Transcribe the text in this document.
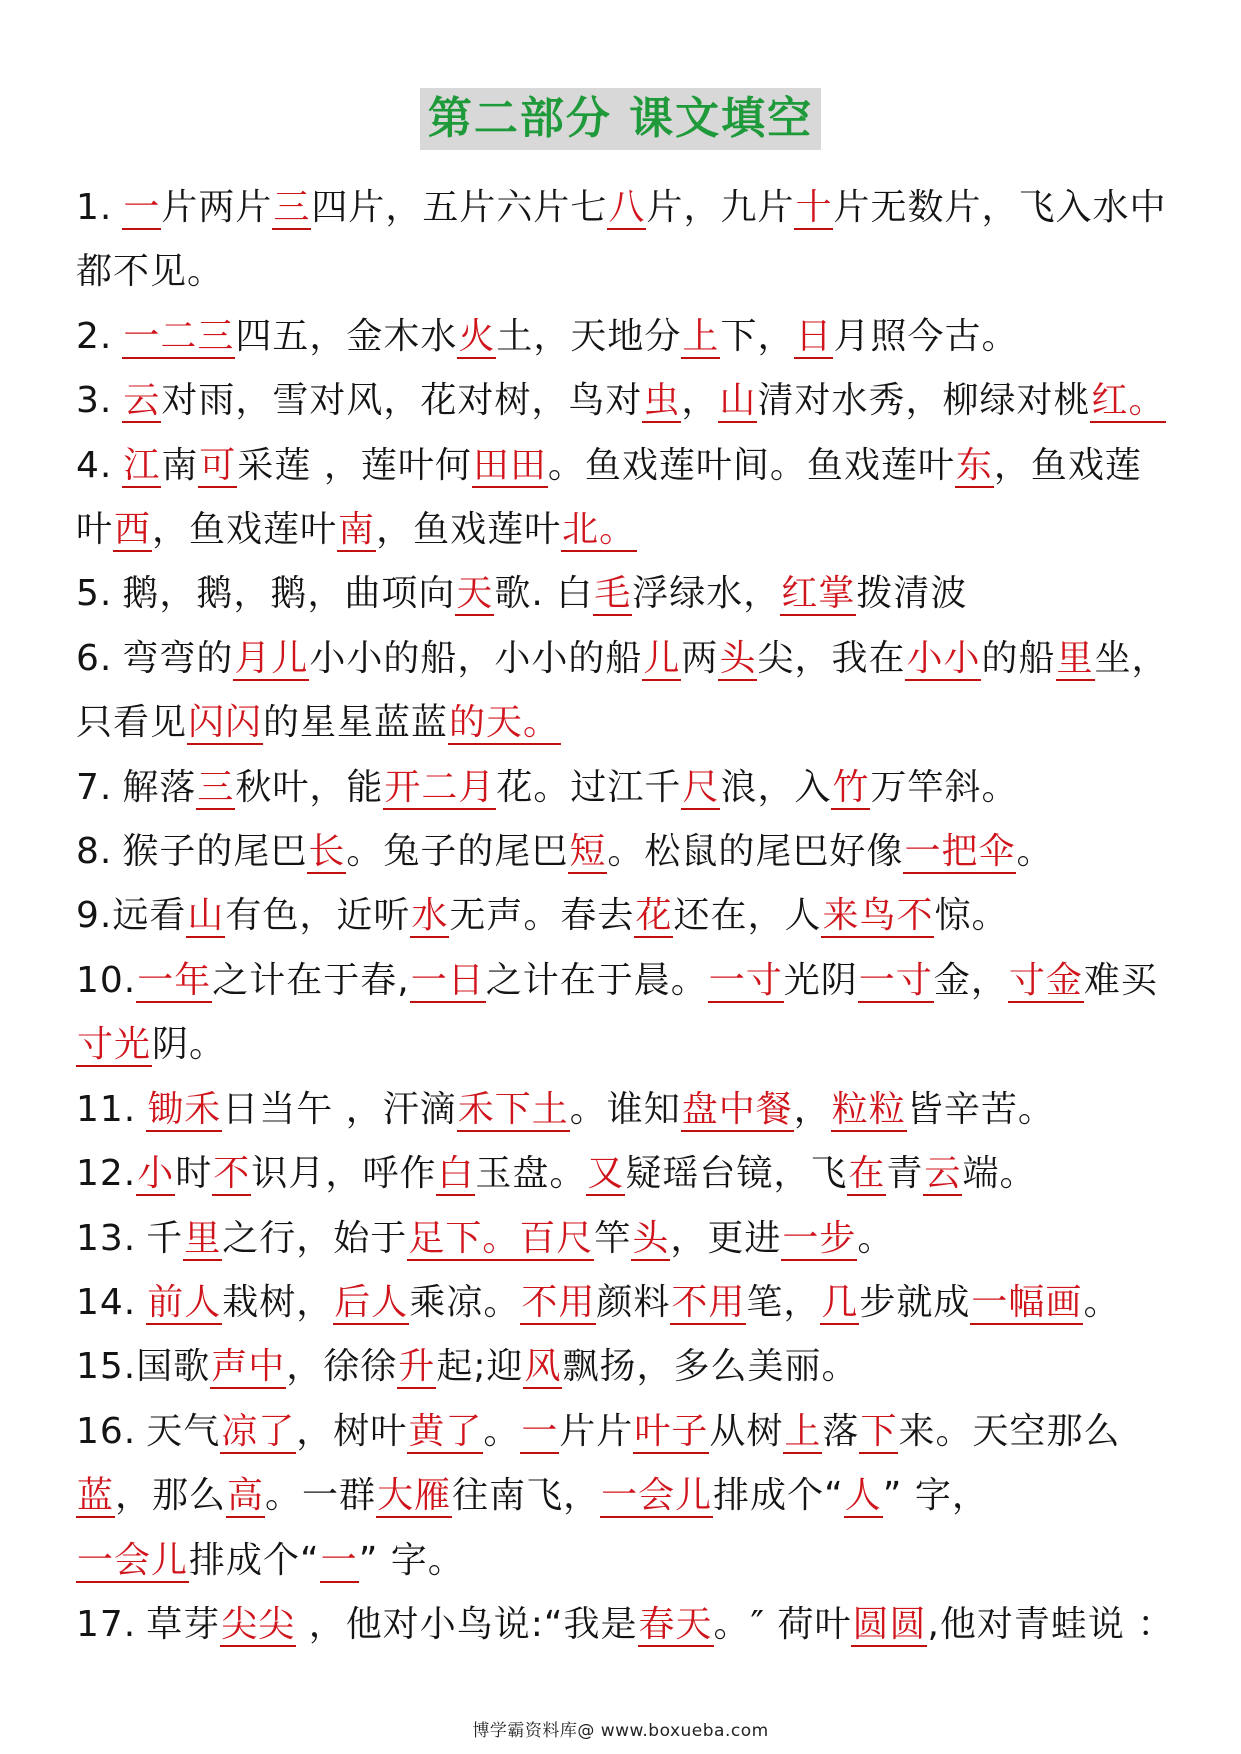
第二部分 课文填空

1. 一片两片三四片，五片六片七八片，九片十片无数片，飞入水中都不见。

2. 一二三四五，金木水火土，天地分上下，日月照今古。

3. 云对雨，雪对风，花对树，鸟对虫，山清对水秀，柳绿对桃红。

4. 江南可采莲 ，莲叶何田田。鱼戏莲叶间。鱼戏莲叶东，鱼戏莲叶西，鱼戏莲叶南，鱼戏莲叶北。

5. 鹅，鹅，鹅，曲项向天歌. 白毛浮绿水，红掌拨清波

6. 弯弯的月儿小小的船，小小的船儿两头尖，我在小小的船里坐，只看见闪闪的星星蓝蓝的天。

7. 解落三秋叶，能开二月花。过江千尺浪，入竹万竿斜。

8. 猴子的尾巴长。兔子的尾巴短。松鼠的尾巴好像一把伞。

9.远看山有色，近听水无声。春去花还在，人来鸟不惊。

10.一年之计在于春,一日之计在于晨。一寸光阴一寸金，寸金难买寸光阴。

11. 锄禾日当午 ，汗滴禾下土。谁知盘中餐，粒粒皆辛苦。

12.小时不识月，呼作白玉盘。又疑瑶台镜，飞在青云端。

13. 千里之行，始于足下。百尺竿头，更进一步。

14. 前人栽树，后人乘凉。不用颜料不用笔，几步就成一幅画。

15.国歌声中，徐徐升起;迎风飘扬，多么美丽。

16. 天气凉了，树叶黄了。一片片叶子从树上落下来。天空那么蓝，那么高。一群大雁往南飞，一会儿排成个“人” 字，
一会儿排成个“一” 字。

17. 草芽尖尖 ，他对小鸟说:“我是春天。″ 荷叶圆圆,他对青蛙说 ：

博学霸资料库@ www.boxueba.com
